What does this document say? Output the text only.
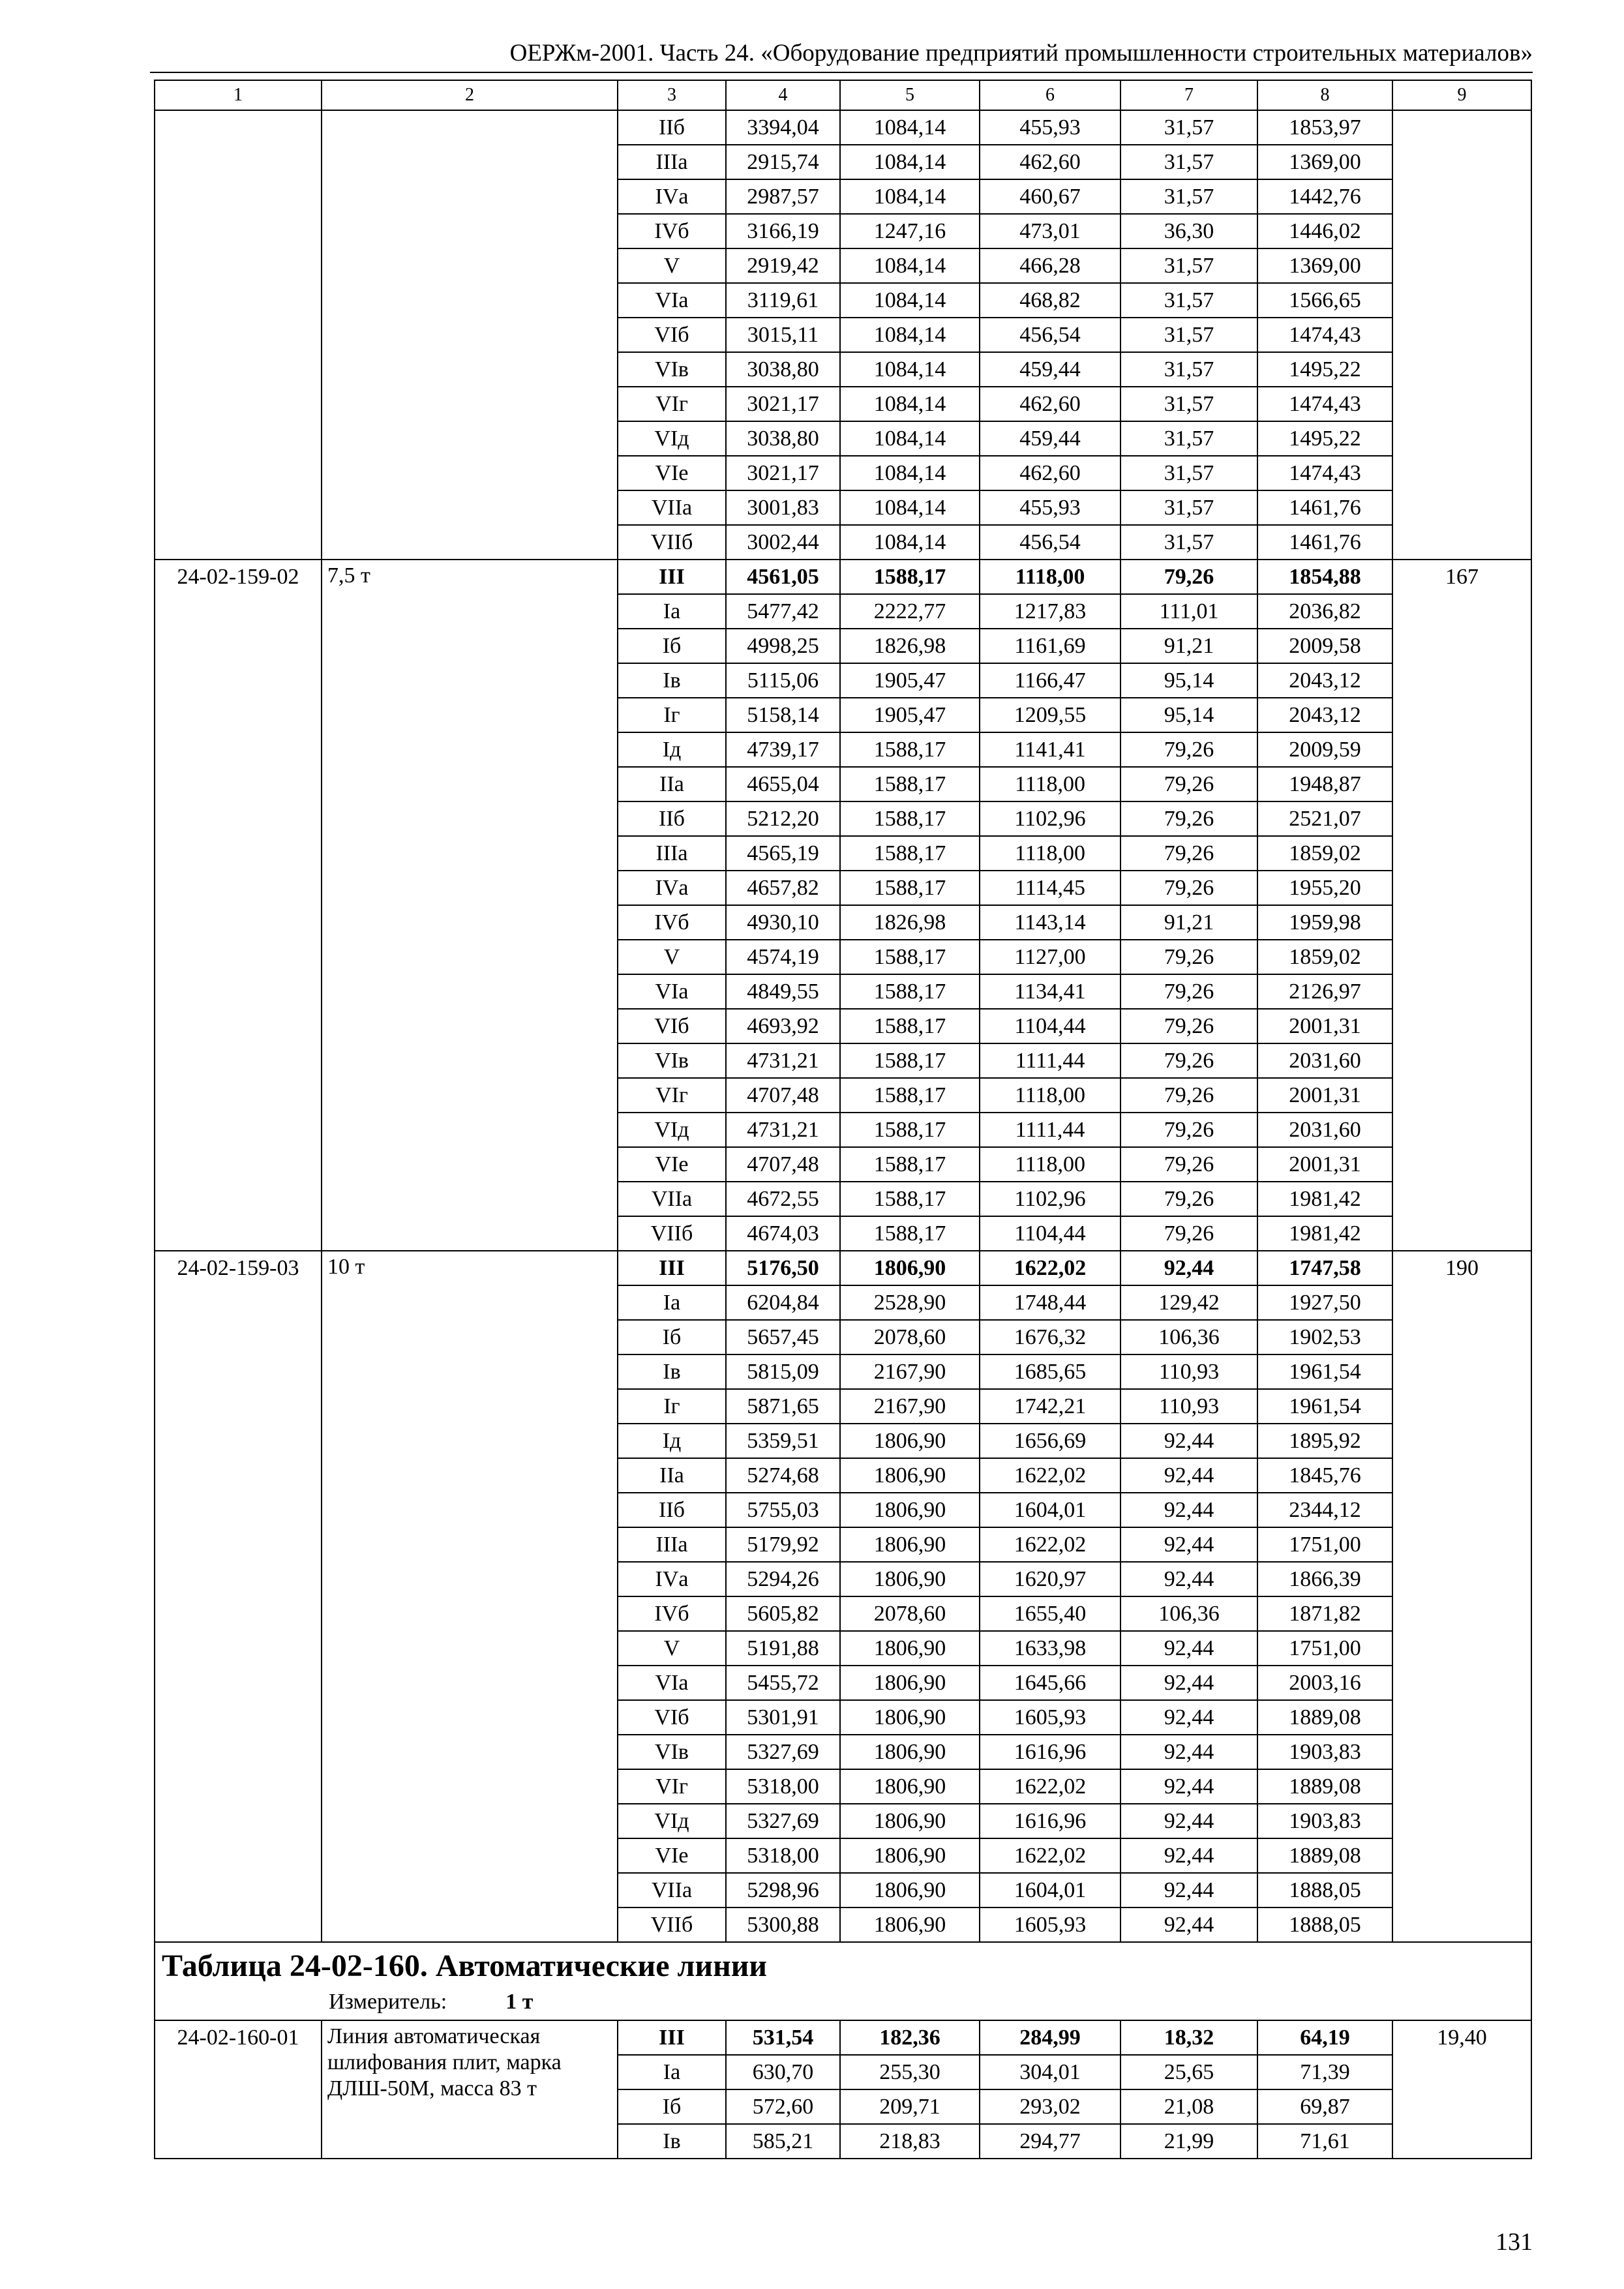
ОЕРЖм-2001. Часть 24. «Оборудование предприятий промышленности строительных материалов»
1	2	3	4	5	6	7	8	9
		IIб	3394,04	1084,14	455,93	31,57	1853,97	
		IIIа	2915,74	1084,14	462,60	31,57	1369,00	
		IVа	2987,57	1084,14	460,67	31,57	1442,76	
		IVб	3166,19	1247,16	473,01	36,30	1446,02	
		V	2919,42	1084,14	466,28	31,57	1369,00	
		VIа	3119,61	1084,14	468,82	31,57	1566,65	
		VIб	3015,11	1084,14	456,54	31,57	1474,43	
		VIв	3038,80	1084,14	459,44	31,57	1495,22	
		VIг	3021,17	1084,14	462,60	31,57	1474,43	
		VIд	3038,80	1084,14	459,44	31,57	1495,22	
		VIе	3021,17	1084,14	462,60	31,57	1474,43	
		VIIа	3001,83	1084,14	455,93	31,57	1461,76	
		VIIб	3002,44	1084,14	456,54	31,57	1461,76	
24-02-159-02	7,5 т	III	4561,05	1588,17	1118,00	79,26	1854,88	167
		Iа	5477,42	2222,77	1217,83	111,01	2036,82	
		Iб	4998,25	1826,98	1161,69	91,21	2009,58	
		Iв	5115,06	1905,47	1166,47	95,14	2043,12	
		Iг	5158,14	1905,47	1209,55	95,14	2043,12	
		Iд	4739,17	1588,17	1141,41	79,26	2009,59	
		IIа	4655,04	1588,17	1118,00	79,26	1948,87	
		IIб	5212,20	1588,17	1102,96	79,26	2521,07	
		IIIа	4565,19	1588,17	1118,00	79,26	1859,02	
		IVа	4657,82	1588,17	1114,45	79,26	1955,20	
		IVб	4930,10	1826,98	1143,14	91,21	1959,98	
		V	4574,19	1588,17	1127,00	79,26	1859,02	
		VIа	4849,55	1588,17	1134,41	79,26	2126,97	
		VIб	4693,92	1588,17	1104,44	79,26	2001,31	
		VIв	4731,21	1588,17	1111,44	79,26	2031,60	
		VIг	4707,48	1588,17	1118,00	79,26	2001,31	
		VIд	4731,21	1588,17	1111,44	79,26	2031,60	
		VIе	4707,48	1588,17	1118,00	79,26	2001,31	
		VIIа	4672,55	1588,17	1102,96	79,26	1981,42	
		VIIб	4674,03	1588,17	1104,44	79,26	1981,42	
24-02-159-03	10 т	III	5176,50	1806,90	1622,02	92,44	1747,58	190
		Iа	6204,84	2528,90	1748,44	129,42	1927,50	
		Iб	5657,45	2078,60	1676,32	106,36	1902,53	
		Iв	5815,09	2167,90	1685,65	110,93	1961,54	
		Iг	5871,65	2167,90	1742,21	110,93	1961,54	
		Iд	5359,51	1806,90	1656,69	92,44	1895,92	
		IIа	5274,68	1806,90	1622,02	92,44	1845,76	
		IIб	5755,03	1806,90	1604,01	92,44	2344,12	
		IIIа	5179,92	1806,90	1622,02	92,44	1751,00	
		IVа	5294,26	1806,90	1620,97	92,44	1866,39	
		IVб	5605,82	2078,60	1655,40	106,36	1871,82	
		V	5191,88	1806,90	1633,98	92,44	1751,00	
		VIа	5455,72	1806,90	1645,66	92,44	2003,16	
		VIб	5301,91	1806,90	1605,93	92,44	1889,08	
		VIв	5327,69	1806,90	1616,96	92,44	1903,83	
		VIг	5318,00	1806,90	1622,02	92,44	1889,08	
		VIд	5327,69	1806,90	1616,96	92,44	1903,83	
		VIе	5318,00	1806,90	1622,02	92,44	1889,08	
		VIIа	5298,96	1806,90	1604,01	92,44	1888,05	
		VIIб	5300,88	1806,90	1605,93	92,44	1888,05	

Таблица 24-02-160. Автоматические линии
Измеритель: 1 т								

24-02-160-01	Линия автоматическая шлифования плит, марка ДЛШ-50М, масса 83 т	III	531,54	182,36	284,99	18,32	64,19	19,40
		Iа	630,70	255,30	304,01	25,65	71,39	
		Iб	572,60	209,71	293,02	21,08	69,87	
		Iв	585,21	218,83	294,77	21,99	71,61	
131
